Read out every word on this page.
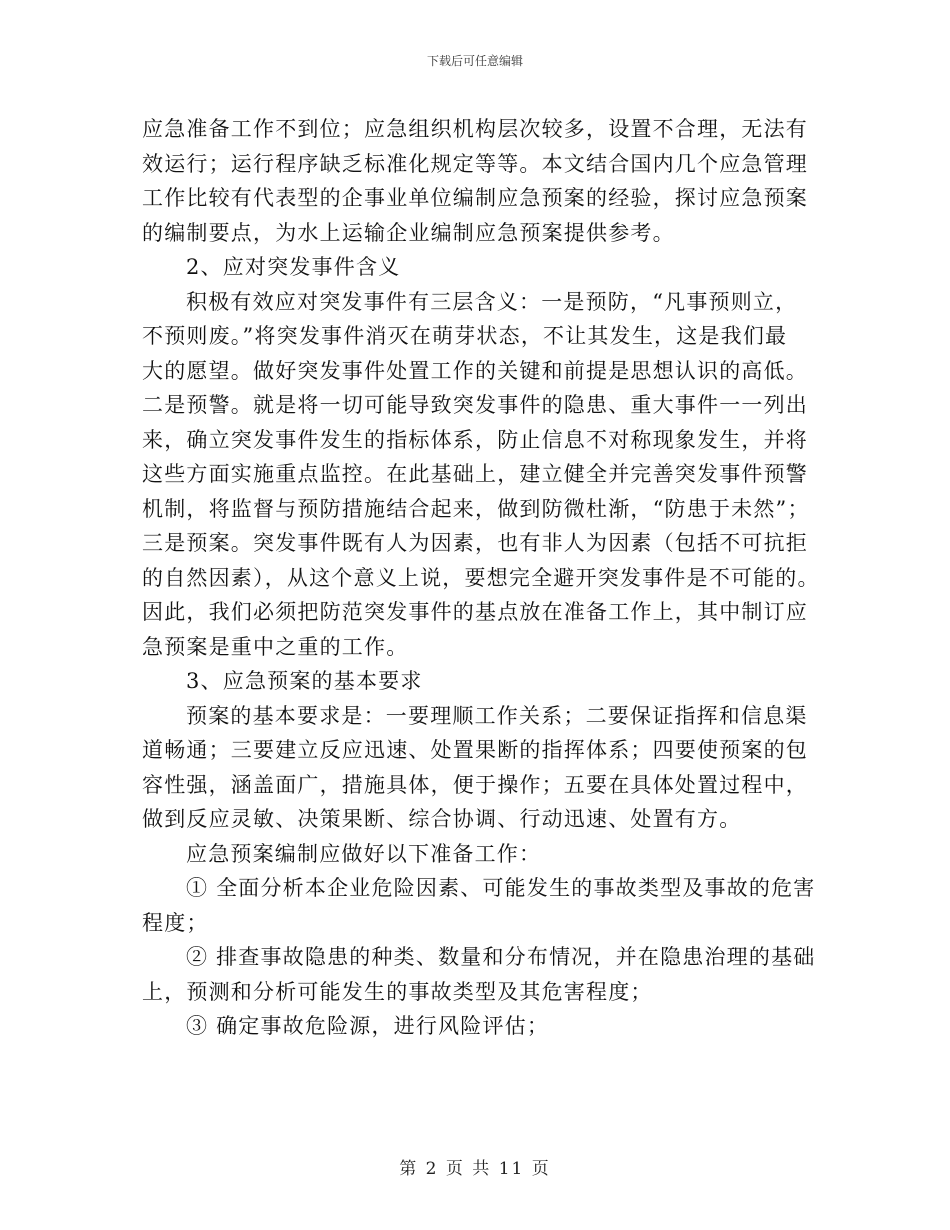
下载后可任意编辑
应急准备工作不到位；应急组织机构层次较多，设置不合理，无法有
效运行；运行程序缺乏标准化规定等等。本文结合国内几个应急管理
工作比较有代表型的企事业单位编制应急预案的经验，探讨应急预案
的编制要点，为水上运输企业编制应急预案提供参考。
2、应对突发事件含义
积极有效应对突发事件有三层含义：一是预防，“凡事预则立，
不预则废。”将突发事件消灭在萌芽状态，不让其发生，这是我们最
大的愿望。做好突发事件处置工作的关键和前提是思想认识的高低。
二是预警。就是将一切可能导致突发事件的隐患、重大事件一一列出
来，确立突发事件发生的指标体系，防止信息不对称现象发生，并将
这些方面实施重点监控。在此基础上，建立健全并完善突发事件预警
机制，将监督与预防措施结合起来，做到防微杜渐，“防患于未然”；
三是预案。突发事件既有人为因素，也有非人为因素（包括不可抗拒
的自然因素），从这个意义上说，要想完全避开突发事件是不可能的。
因此，我们必须把防范突发事件的基点放在准备工作上，其中制订应
急预案是重中之重的工作。
3、应急预案的基本要求
预案的基本要求是：一要理顺工作关系；二要保证指挥和信息渠
道畅通；三要建立反应迅速、处置果断的指挥体系；四要使预案的包
容性强，涵盖面广，措施具体，便于操作；五要在具体处置过程中，
做到反应灵敏、决策果断、综合协调、行动迅速、处置有方。
应急预案编制应做好以下准备工作：
① 全面分析本企业危险因素、可能发生的事故类型及事故的危害
程度；
② 排查事故隐患的种类、数量和分布情况，并在隐患治理的基础
上，预测和分析可能发生的事故类型及其危害程度；
③ 确定事故危险源，进行风险评估；
第 2 页 共 11 页
